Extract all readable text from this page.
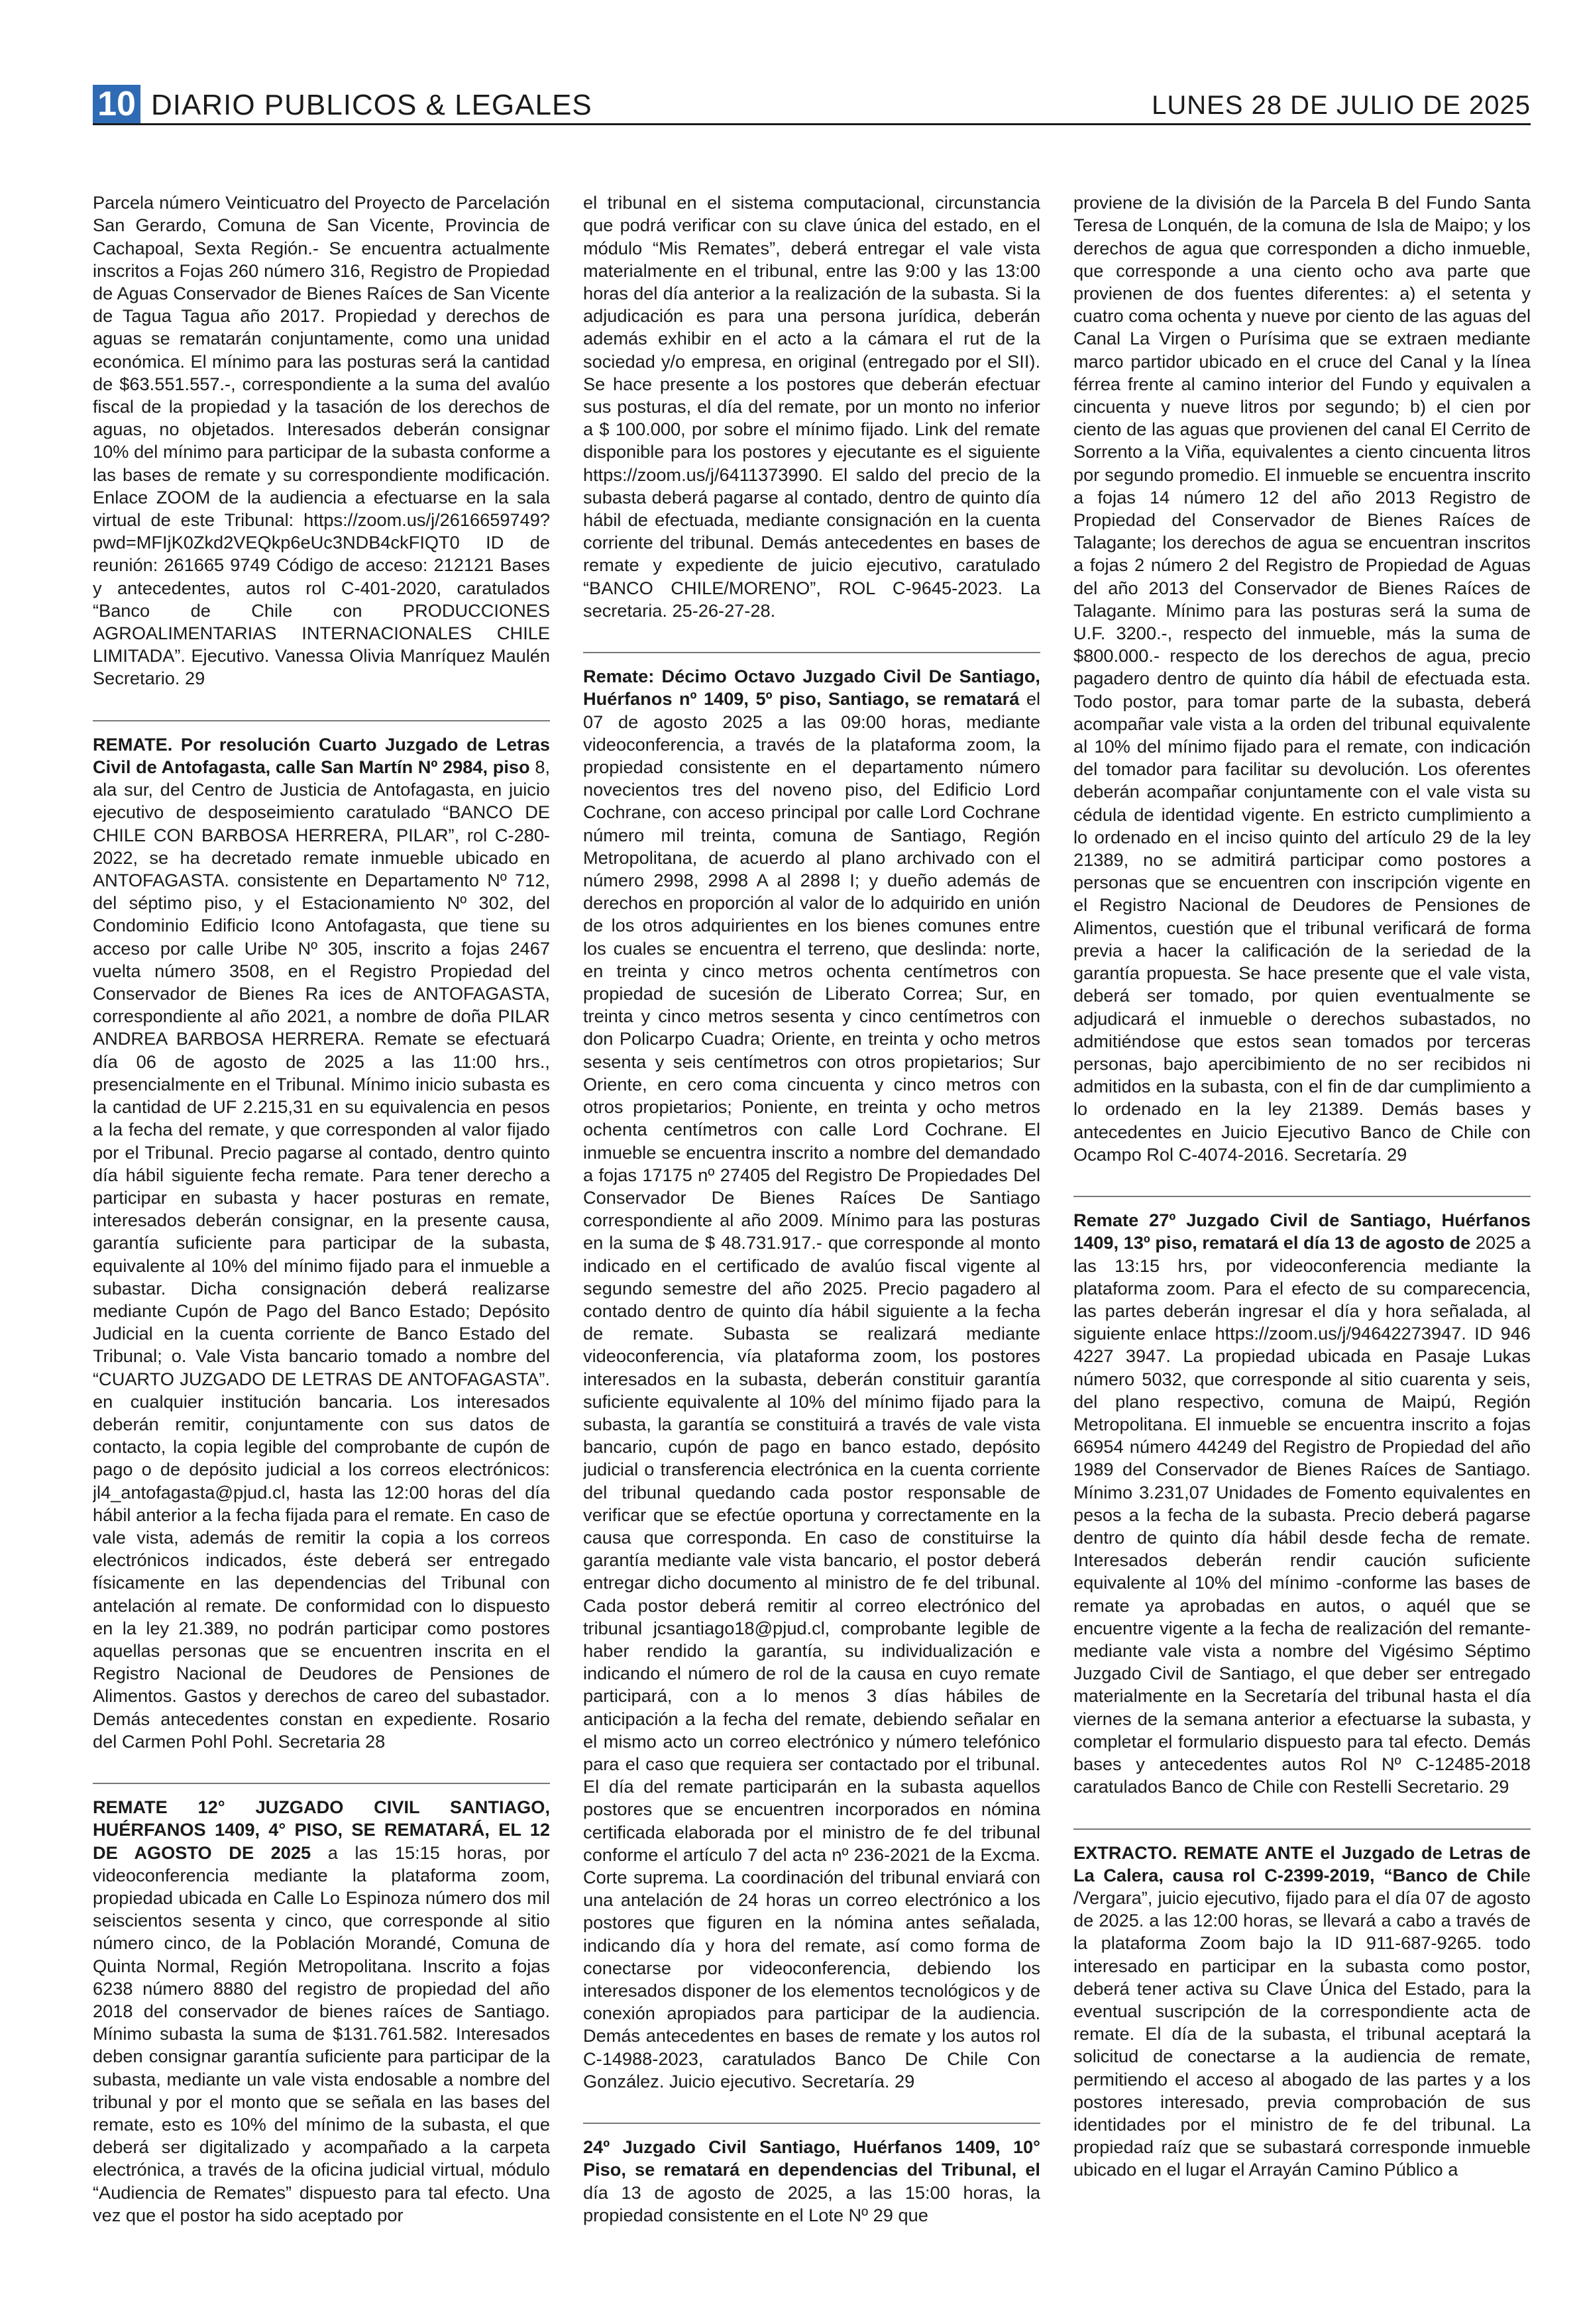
10 DIARIO PUBLICOS & LEGALES	LUNES 28 DE JULIO DE 2025

Parcela número Veinticuatro del Proyecto de Parcelación San Gerardo, Comuna de San Vicente, Provincia de Cachapoal, Sexta Región.- Se encuentra actualmente inscritos a Fojas 260 número 316, Registro de Propiedad de Aguas Conservador de Bienes Raíces de San Vicente de Tagua Tagua año 2017. Propiedad y derechos de aguas se rematarán conjuntamente, como una unidad económica. El mínimo para las posturas será la cantidad de $63.551.557.-, correspondiente a la suma del avalúo fiscal de la propiedad y la tasación de los derechos de aguas, no objetados. Interesados deberán consignar 10% del mínimo para participar de la subasta conforme a las bases de remate y su correspondiente modificación. Enlace ZOOM de la audiencia a efectuarse en la sala virtual de este Tribunal: https://zoom.us/j/2616659749?pwd=MFIjK0Zkd2VEQkp6eUc3NDB4ckFIQT0 ID de reunión: 261665 9749 Código de acceso: 212121 Bases y antecedentes, autos rol C-401-2020, caratulados “Banco de Chile con PRODUCCIONES AGROALIMENTARIAS INTERNACIONALES CHILE LIMITADA”. Ejecutivo. Vanessa Olivia Manríquez Maulén Secretario. 29

REMATE. Por resolución Cuarto Juzgado de Letras Civil de Antofagasta, calle San Martín Nº 2984, piso 8, ala sur, del Centro de Justicia de Antofagasta, en juicio ejecutivo de desposeimiento caratulado “BANCO DE CHILE CON BARBOSA HERRERA, PILAR”, rol C-280-2022, se ha decretado remate inmueble ubicado en ANTOFAGASTA. consistente en Departamento Nº 712, del séptimo piso, y el Estacionamiento Nº 302, del Condominio Edificio Icono Antofagasta, que tiene su acceso por calle Uribe Nº 305, inscrito a fojas 2467 vuelta número 3508, en el Registro Propiedad del Conservador de Bienes Ra ices de ANTOFAGASTA, correspondiente al año 2021, a nombre de doña PILAR ANDREA BARBOSA HERRERA. Remate se efectuará día 06 de agosto de 2025 a las 11:00 hrs., presencialmente en el Tribunal. Mínimo inicio subasta es la cantidad de UF 2.215,31 en su equivalencia en pesos a la fecha del remate, y que corresponden al valor fijado por el Tribunal. Precio pagarse al contado, dentro quinto día hábil siguiente fecha remate. Para tener derecho a participar en subasta y hacer posturas en remate, interesados deberán consignar, en la presente causa, garantía suficiente para participar de la subasta, equivalente al 10% del mínimo fijado para el inmueble a subastar. Dicha consignación deberá realizarse mediante Cupón de Pago del Banco Estado; Depósito Judicial en la cuenta corriente de Banco Estado del Tribunal; o. Vale Vista bancario tomado a nombre del “CUARTO JUZGADO DE LETRAS DE ANTOFAGASTA”. en cualquier institución bancaria. Los interesados deberán remitir, conjuntamente con sus datos de contacto, la copia legible del comprobante de cupón de pago o de depósito judicial a los correos electrónicos: jl4_antofagasta@pjud.cl, hasta las 12:00 horas del día hábil anterior a la fecha fijada para el remate. En caso de vale vista, además de remitir la copia a los correos electrónicos indicados, éste deberá ser entregado físicamente en las dependencias del Tribunal con antelación al remate. De conformidad con lo dispuesto en la ley 21.389, no podrán participar como postores aquellas personas que se encuentren inscrita en el Registro Nacional de Deudores de Pensiones de Alimentos. Gastos y derechos de careo del subastador. Demás antecedentes constan en expediente. Rosario del Carmen Pohl Pohl. Secretaria 28

REMATE 12° JUZGADO CIVIL SANTIAGO, HUÉRFANOS 1409, 4° PISO, SE REMATARÁ, EL 12 DE AGOSTO DE 2025 a las 15:15 horas, por videoconferencia mediante la plataforma zoom, propiedad ubicada en Calle Lo Espinoza número dos mil seiscientos sesenta y cinco, que corresponde al sitio número cinco, de la Población Morandé, Comuna de Quinta Normal, Región Metropolitana. Inscrito a fojas 6238 número 8880 del registro de propiedad del año 2018 del conservador de bienes raíces de Santiago. Mínimo subasta la suma de $131.761.582. Interesados deben consignar garantía suficiente para participar de la subasta, mediante un vale vista endosable a nombre del tribunal y por el monto que se señala en las bases del remate, esto es 10% del mínimo de la subasta, el que deberá ser digitalizado y acompañado a la carpeta electrónica, a través de la oficina judicial virtual, módulo “Audiencia de Remates” dispuesto para tal efecto. Una vez que el postor ha sido aceptado por

el tribunal en el sistema computacional, circunstancia que podrá verificar con su clave única del estado, en el módulo “Mis Remates”, deberá entregar el vale vista materialmente en el tribunal, entre las 9:00 y las 13:00 horas del día anterior a la realización de la subasta. Si la adjudicación es para una persona jurídica, deberán además exhibir en el acto a la cámara el rut de la sociedad y/o empresa, en original (entregado por el SII). Se hace presente a los postores que deberán efectuar sus posturas, el día del remate, por un monto no inferior a $ 100.000, por sobre el mínimo fijado. Link del remate disponible para los postores y ejecutante es el siguiente https://zoom.us/j/6411373990. El saldo del precio de la subasta deberá pagarse al contado, dentro de quinto día hábil de efectuada, mediante consignación en la cuenta corriente del tribunal. Demás antecedentes en bases de remate y expediente de juicio ejecutivo, caratulado “BANCO CHILE/MORENO”, ROL C-9645-2023. La secretaria. 25-26-27-28.

Remate: Décimo Octavo Juzgado Civil De Santiago, Huérfanos nº 1409, 5º piso, Santiago, se rematará el 07 de agosto 2025 a las 09:00 horas, mediante videoconferencia, a través de la plataforma zoom, la propiedad consistente en el departamento número novecientos tres del noveno piso, del Edificio Lord Cochrane, con acceso principal por calle Lord Cochrane número mil treinta, comuna de Santiago, Región Metropolitana, de acuerdo al plano archivado con el número 2998, 2998 A al 2898 I; y dueño además de derechos en proporción al valor de lo adquirido en unión de los otros adquirientes en los bienes comunes entre los cuales se encuentra el terreno, que deslinda: norte, en treinta y cinco metros ochenta centímetros con propiedad de sucesión de Liberato Correa; Sur, en treinta y cinco metros sesenta y cinco centímetros con don Policarpo Cuadra; Oriente, en treinta y ocho metros sesenta y seis centímetros con otros propietarios; Sur Oriente, en cero coma cincuenta y cinco metros con otros propietarios; Poniente, en treinta y ocho metros ochenta centímetros con calle Lord Cochrane. El inmueble se encuentra inscrito a nombre del demandado a fojas 17175 nº 27405 del Registro De Propiedades Del Conservador De Bienes Raíces De Santiago correspondiente al año 2009. Mínimo para las posturas en la suma de $ 48.731.917.- que corresponde al monto indicado en el certificado de avalúo fiscal vigente al segundo semestre del año 2025. Precio pagadero al contado dentro de quinto día hábil siguiente a la fecha de remate. Subasta se realizará mediante videoconferencia, vía plataforma zoom, los postores interesados en la subasta, deberán constituir garantía suficiente equivalente al 10% del mínimo fijado para la subasta, la garantía se constituirá a través de vale vista bancario, cupón de pago en banco estado, depósito judicial o transferencia electrónica en la cuenta corriente del tribunal quedando cada postor responsable de verificar que se efectúe oportuna y correctamente en la causa que corresponda. En caso de constituirse la garantía mediante vale vista bancario, el postor deberá entregar dicho documento al ministro de fe del tribunal. Cada postor deberá remitir al correo electrónico del tribunal jcsantiago18@pjud.cl, comprobante legible de haber rendido la garantía, su individualización e indicando el número de rol de la causa en cuyo remate participará, con a lo menos 3 días hábiles de anticipación a la fecha del remate, debiendo señalar en el mismo acto un correo electrónico y número telefónico para el caso que requiera ser contactado por el tribunal. El día del remate participarán en la subasta aquellos postores que se encuentren incorporados en nómina certificada elaborada por el ministro de fe del tribunal conforme el artículo 7 del acta nº 236-2021 de la Excma. Corte suprema. La coordinación del tribunal enviará con una antelación de 24 horas un correo electrónico a los postores que figuren en la nómina antes señalada, indicando día y hora del remate, así como forma de conectarse por videoconferencia, debiendo los interesados disponer de los elementos tecnológicos y de conexión apropiados para participar de la audiencia. Demás antecedentes en bases de remate y los autos rol C-14988-2023, caratulados Banco De Chile Con González. Juicio ejecutivo. Secretaría. 29

24º Juzgado Civil Santiago, Huérfanos 1409, 10° Piso, se rematará en dependencias del Tribunal, el día 13 de agosto de 2025, a las 15:00 horas, la propiedad consistente en el Lote Nº 29 que

proviene de la división de la Parcela B del Fundo Santa Teresa de Lonquén, de la comuna de Isla de Maipo; y los derechos de agua que corresponden a dicho inmueble, que corresponde a una ciento ocho ava parte que provienen de dos fuentes diferentes: a) el setenta y cuatro coma ochenta y nueve por ciento de las aguas del Canal La Virgen o Purísima que se extraen mediante marco partidor ubicado en el cruce del Canal y la línea férrea frente al camino interior del Fundo y equivalen a cincuenta y nueve litros por segundo; b) el cien por ciento de las aguas que provienen del canal El Cerrito de Sorrento a la Viña, equivalentes a ciento cincuenta litros por segundo promedio. El inmueble se encuentra inscrito a fojas 14 número 12 del año 2013 Registro de Propiedad del Conservador de Bienes Raíces de Talagante; los derechos de agua se encuentran inscritos a fojas 2 número 2 del Registro de Propiedad de Aguas del año 2013 del Conservador de Bienes Raíces de Talagante. Mínimo para las posturas será la suma de U.F. 3200.-, respecto del inmueble, más la suma de $800.000.- respecto de los derechos de agua, precio pagadero dentro de quinto día hábil de efectuada esta. Todo postor, para tomar parte de la subasta, deberá acompañar vale vista a la orden del tribunal equivalente al 10% del mínimo fijado para el remate, con indicación del tomador para facilitar su devolución. Los oferentes deberán acompañar conjuntamente con el vale vista su cédula de identidad vigente. En estricto cumplimiento a lo ordenado en el inciso quinto del artículo 29 de la ley 21389, no se admitirá participar como postores a personas que se encuentren con inscripción vigente en el Registro Nacional de Deudores de Pensiones de Alimentos, cuestión que el tribunal verificará de forma previa a hacer la calificación de la seriedad de la garantía propuesta. Se hace presente que el vale vista, deberá ser tomado, por quien eventualmente se adjudicará el inmueble o derechos subastados, no admitiéndose que estos sean tomados por terceras personas, bajo apercibimiento de no ser recibidos ni admitidos en la subasta, con el fin de dar cumplimiento a lo ordenado en la ley 21389. Demás bases y antecedentes en Juicio Ejecutivo Banco de Chile con Ocampo Rol C-4074-2016. Secretaría. 29

Remate 27º Juzgado Civil de Santiago, Huérfanos 1409, 13º piso, rematará el día 13 de agosto de 2025 a las 13:15 hrs, por videoconferencia mediante la plataforma zoom. Para el efecto de su comparecencia, las partes deberán ingresar el día y hora señalada, al siguiente enlace https://zoom.us/j/94642273947. ID 946 4227 3947. La propiedad ubicada en Pasaje Lukas número 5032, que corresponde al sitio cuarenta y seis, del plano respectivo, comuna de Maipú, Región Metropolitana. El inmueble se encuentra inscrito a fojas 66954 número 44249 del Registro de Propiedad del año 1989 del Conservador de Bienes Raíces de Santiago. Mínimo 3.231,07 Unidades de Fomento equivalentes en pesos a la fecha de la subasta. Precio deberá pagarse dentro de quinto día hábil desde fecha de remate. Interesados deberán rendir caución suficiente equivalente al 10% del mínimo -conforme las bases de remate ya aprobadas en autos, o aquél que se encuentre vigente a la fecha de realización del remante- mediante vale vista a nombre del Vigésimo Séptimo Juzgado Civil de Santiago, el que deber ser entregado materialmente en la Secretaría del tribunal hasta el día viernes de la semana anterior a efectuarse la subasta, y completar el formulario dispuesto para tal efecto. Demás bases y antecedentes autos Rol Nº C-12485-2018 caratulados Banco de Chile con Restelli Secretario. 29

EXTRACTO. REMATE ANTE el Juzgado de Letras de La Calera, causa rol C-2399-2019, “Banco de Chile /Vergara”, juicio ejecutivo, fijado para el día 07 de agosto de 2025. a las 12:00 horas, se llevará a cabo a través de la plataforma Zoom bajo la ID 911-687-9265. todo interesado en participar en la subasta como postor, deberá tener activa su Clave Única del Estado, para la eventual suscripción de la correspondiente acta de remate. El día de la subasta, el tribunal aceptará la solicitud de conectarse a la audiencia de remate, permitiendo el acceso al abogado de las partes y a los postores interesado, previa comprobación de sus identidades por el ministro de fe del tribunal. La propiedad raíz que se subastará corresponde inmueble ubicado en el lugar el Arrayán Camino Público a
